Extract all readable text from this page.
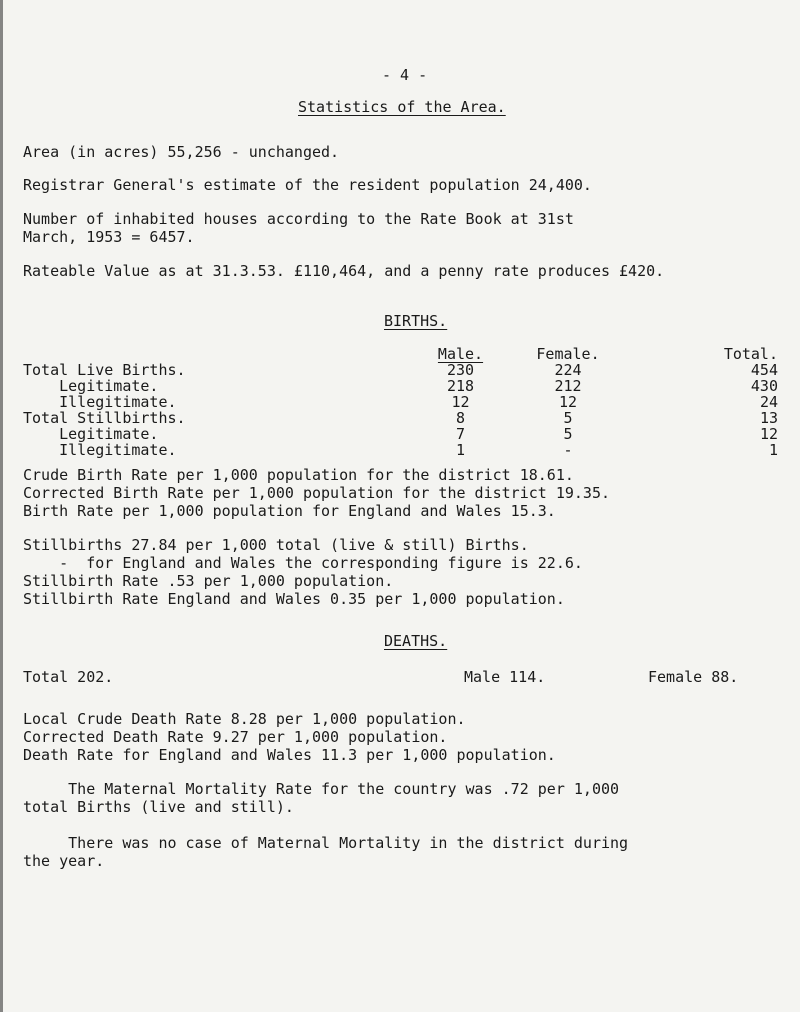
- 4 -
Statistics of the Area.
Area (in acres) 55,256 - unchanged.
Registrar General's estimate of the resident population 24,400.
Number of inhabited houses according to the Rate Book at 31st
March, 1953 = 6457.
Rateable Value as at 31.3.53. £110,464, and a penny rate produces £420.
BIRTHS.
	Male.	Female.	Total.
Total Live Births.	230	224	454
Legitimate.	218	212	430
Illegitimate.	12	12	24
Total Stillbirths.	8	5	13
Legitimate.	7	5	12
Illegitimate.	1	-	1
Crude Birth Rate per 1,000 population for the district 18.61.
Corrected Birth Rate per 1,000 population for the district 19.35.
Birth Rate per 1,000 population for England and Wales 15.3.
Stillbirths 27.84 per 1,000 total (live & still) Births.
-  for England and Wales the corresponding figure is 22.6.
Stillbirth Rate .53 per 1,000 population.
Stillbirth Rate England and Wales 0.35 per 1,000 population.
DEATHS.
Total 202.	Male 114.	Female 88.
Local Crude Death Rate 8.28 per 1,000 population.
Corrected Death Rate 9.27 per 1,000 population.
Death Rate for England and Wales 11.3 per 1,000 population.
The Maternal Mortality Rate for the country was .72 per 1,000
total Births (live and still).
There was no case of Maternal Mortality in the district during
the year.
